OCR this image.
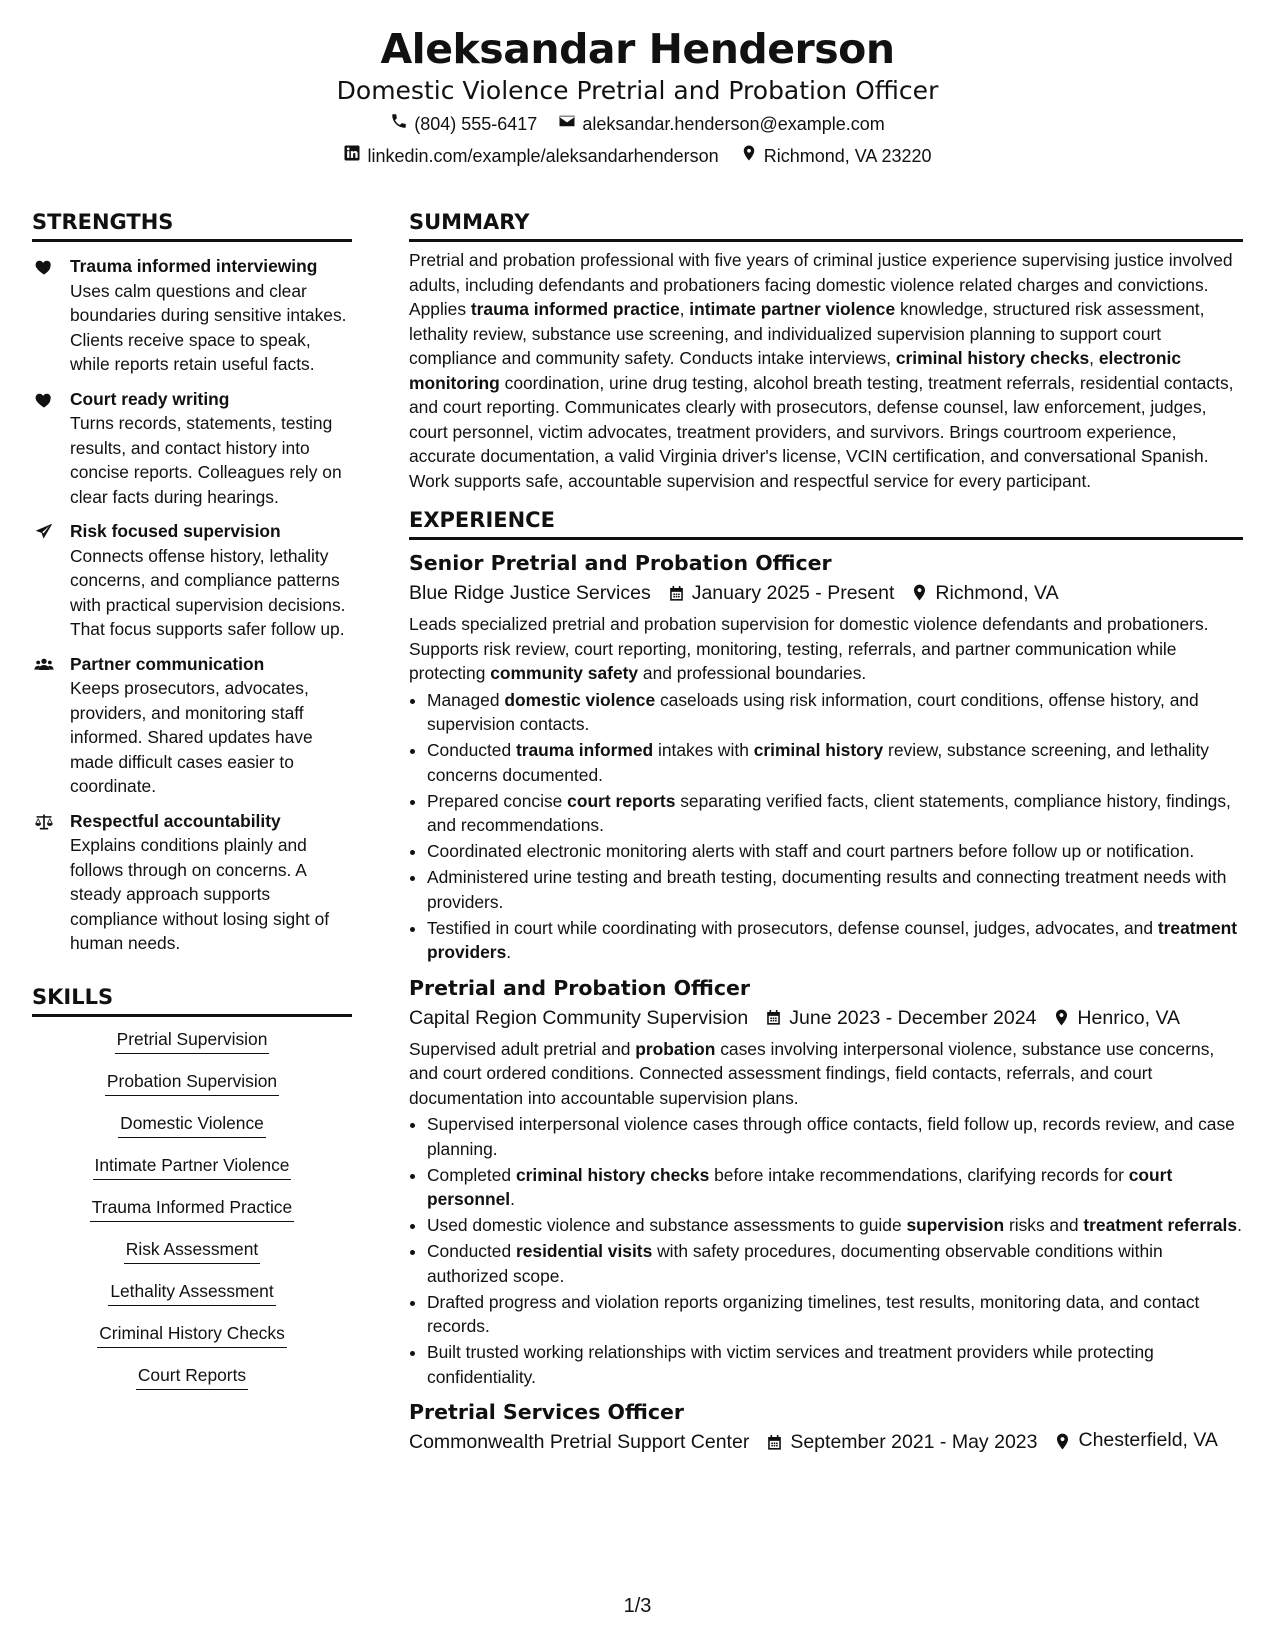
Aleksandar Henderson
Domestic Violence Pretrial and Probation Officer
(804) 555-6417
	aleksandar.henderson@example.com
linkedin.com/example/aleksandarhenderson
	Richmond, VA 23220
STRENGTHS
Trauma informed interviewing
Uses calm questions and clear boundaries during sensitive intakes. Clients receive space to speak, while reports retain useful facts.
Court ready writing
Turns records, statements, testing results, and contact history into concise reports. Colleagues rely on clear facts during hearings.
Risk focused supervision
Connects offense history, lethality concerns, and compliance patterns with practical supervision decisions. That focus supports safer follow up.
Partner communication
Keeps prosecutors, advocates, providers, and monitoring staff informed. Shared updates have made difficult cases easier to coordinate.
Respectful accountability
Explains conditions plainly and follows through on concerns. A steady approach supports compliance without losing sight of human needs.
SKILLS
Pretrial Supervision
Probation Supervision
Domestic Violence
Intimate Partner Violence
Trauma Informed Practice
Risk Assessment
Lethality Assessment
Criminal History Checks
Court Reports
SUMMARY
Pretrial and probation professional with five years of criminal justice experience supervising justice involved adults, including defendants and probationers facing domestic violence related charges and convictions. Applies trauma informed practice, intimate partner violence knowledge, structured risk assessment, lethality review, substance use screening, and individualized supervision planning to support court compliance and community safety. Conducts intake interviews, criminal history checks, electronic monitoring coordination, urine drug testing, alcohol breath testing, treatment referrals, residential contacts, and court reporting. Communicates clearly with prosecutors, defense counsel, law enforcement, judges, court personnel, victim advocates, treatment providers, and survivors. Brings courtroom experience, accurate documentation, a valid Virginia driver's license, VCIN certification, and conversational Spanish. Work supports safe, accountable supervision and respectful service for every participant.
EXPERIENCE
Senior Pretrial and Probation Officer
Blue Ridge Justice Services January 2025 - Present Richmond, VA
Leads specialized pretrial and probation supervision for domestic violence defendants and probationers. Supports risk review, court reporting, monitoring, testing, referrals, and partner communication while protecting community safety and professional boundaries.
• Managed domestic violence caseloads using risk information, court conditions, offense history, and supervision contacts.
• Conducted trauma informed intakes with criminal history review, substance screening, and lethality concerns documented.
• Prepared concise court reports separating verified facts, client statements, compliance history, findings, and recommendations.
• Coordinated electronic monitoring alerts with staff and court partners before follow up or notification.
• Administered urine testing and breath testing, documenting results and connecting treatment needs with providers.
• Testified in court while coordinating with prosecutors, defense counsel, judges, advocates, and treatment providers.
Pretrial and Probation Officer
Capital Region Community Supervision June 2023 - December 2024 Henrico, VA
Supervised adult pretrial and probation cases involving interpersonal violence, substance use concerns, and court ordered conditions. Connected assessment findings, field contacts, referrals, and court documentation into accountable supervision plans.
• Supervised interpersonal violence cases through office contacts, field follow up, records review, and case planning.
• Completed criminal history checks before intake recommendations, clarifying records for court personnel.
• Used domestic violence and substance assessments to guide supervision risks and treatment referrals.
• Conducted residential visits with safety procedures, documenting observable conditions within authorized scope.
• Drafted progress and violation reports organizing timelines, test results, monitoring data, and contact records.
• Built trusted working relationships with victim services and treatment providers while protecting confidentiality.
Pretrial Services Officer
Commonwealth Pretrial Support Center September 2021 - May 2023 Chesterfield, VA
1/3
